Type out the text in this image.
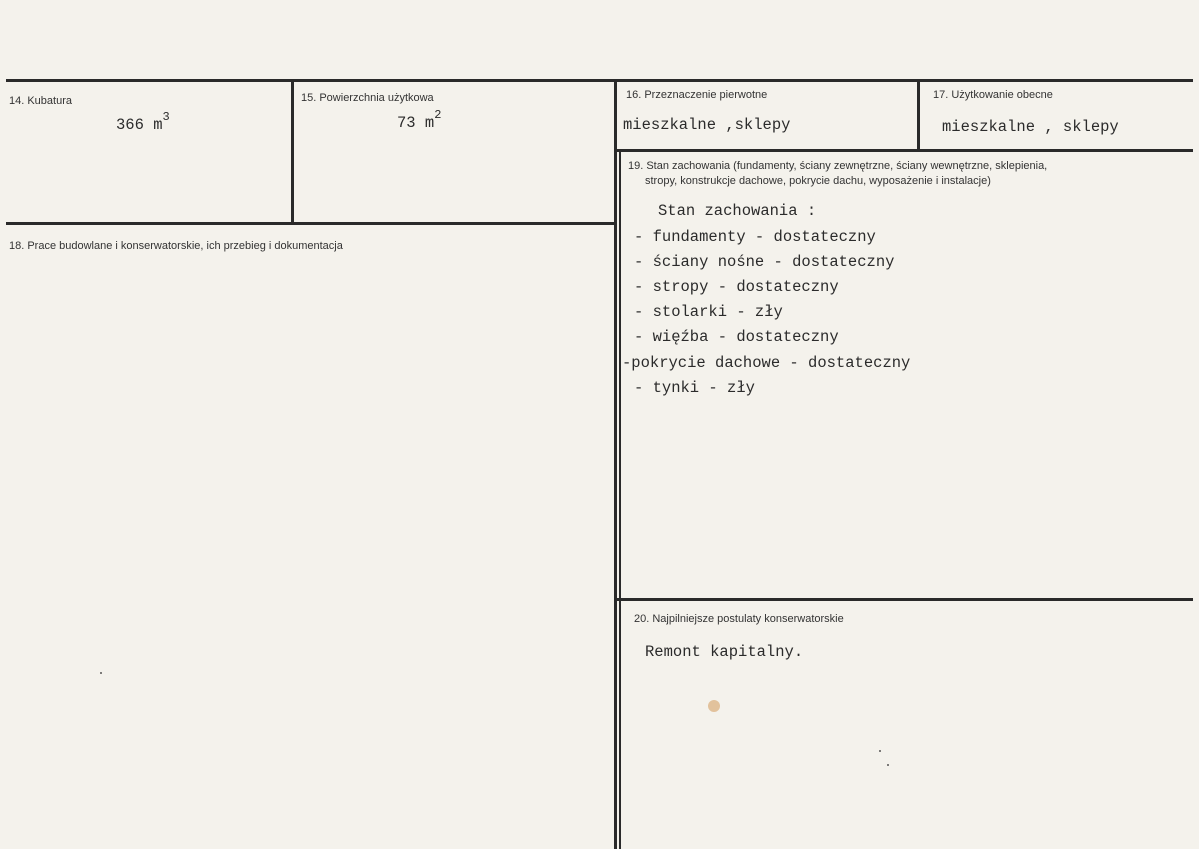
14. Kubatura
366 $m^3$
15. Powierzchnia użytkowa
73 $m^2$
16. Przeznaczenie pierwotne
mieszkalne ,sklepy
17. Użytkowanie obecne
mieszkalne , sklepy
18. Prace budowlane i konserwatorskie, ich przebieg i dokumentacja
19. Stan zachowania (fundamenty, ściany zewnętrzne, ściany wewnętrzne, sklepienia,
stropy, konstrukcje dachowe, pokrycie dachu, wyposażenie i instalacje)
Stan zachowania :
- fundamenty - dostateczny
- ściany nośne - dostateczny
- stropy - dostateczny
- stolarki - zły
- więźba - dostateczny
-pokrycie dachowe - dostateczny
- tynki - zły
20. Najpilniejsze postulaty konserwatorskie
Remont kapitalny.
